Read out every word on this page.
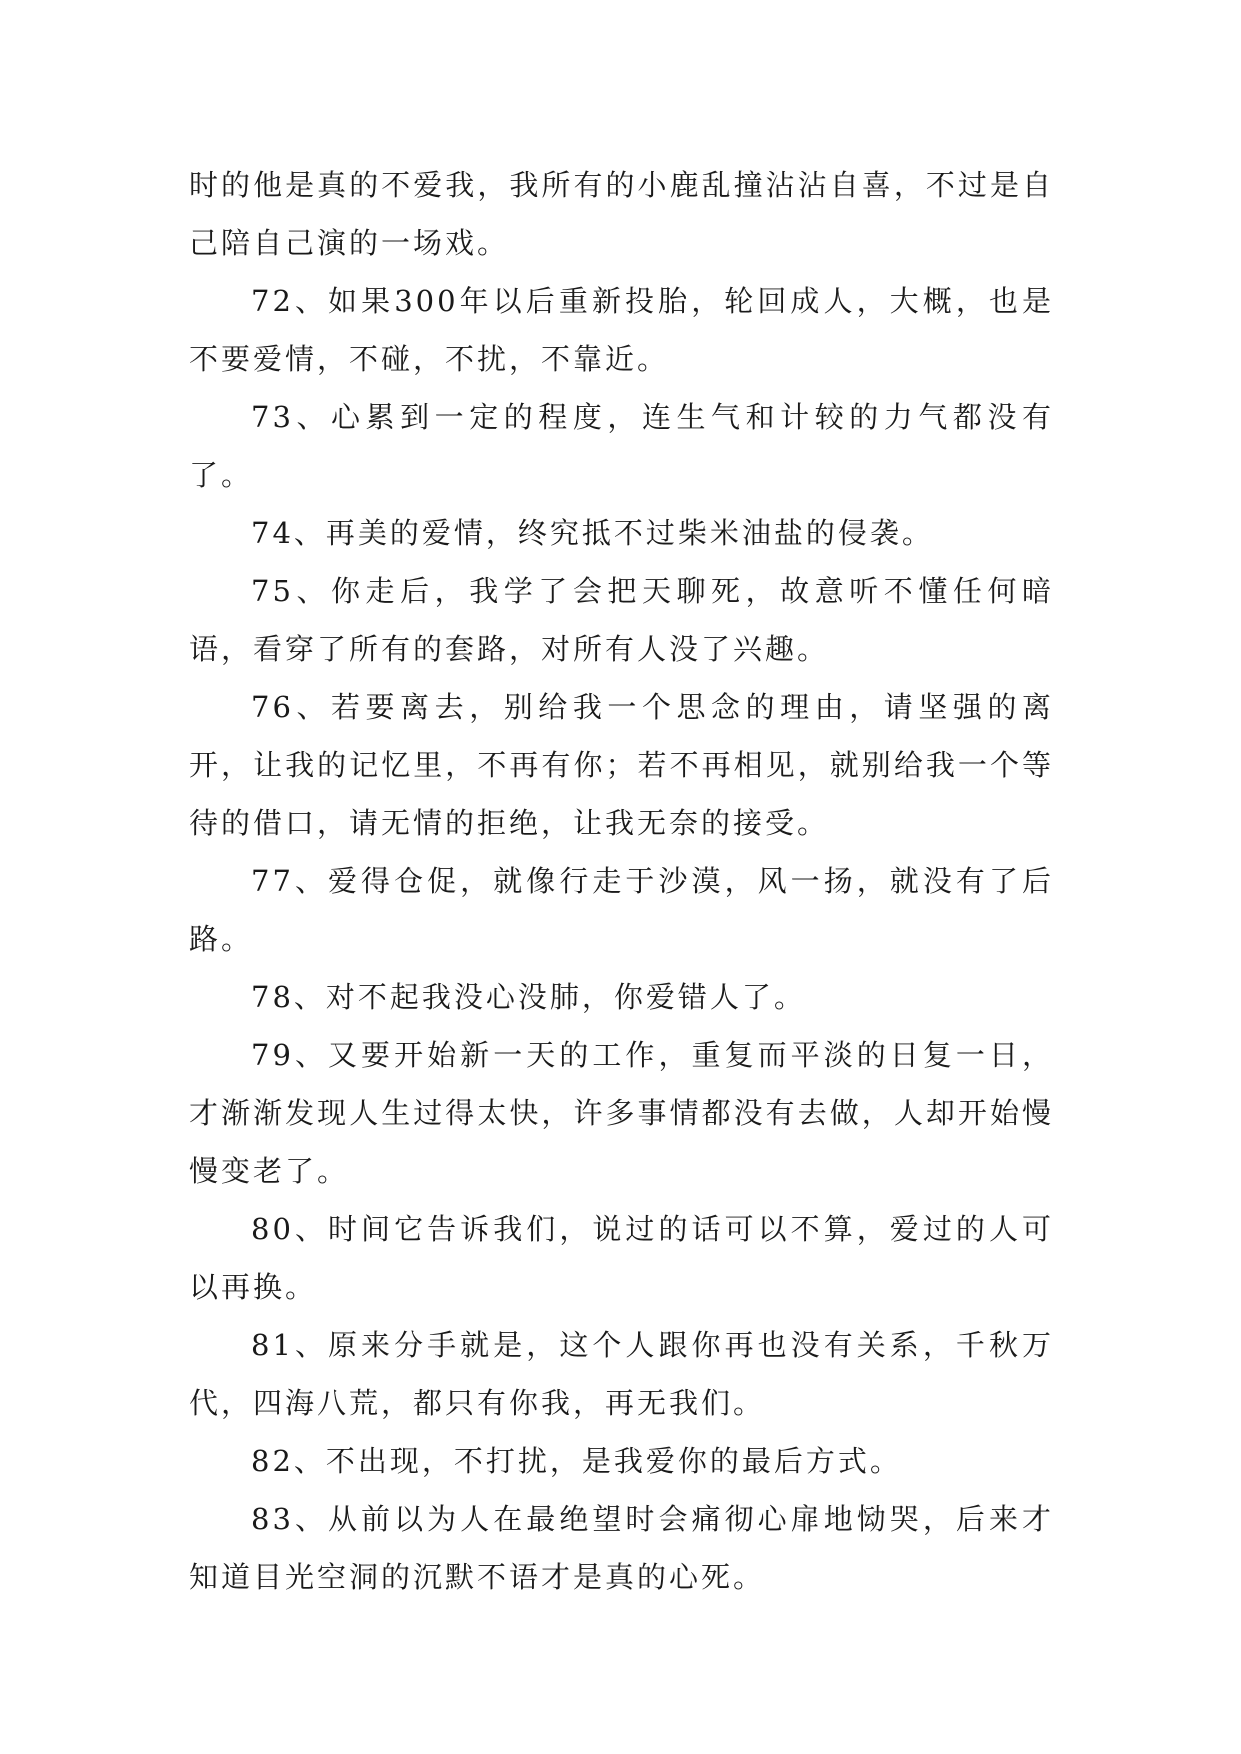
时的他是真的不爱我，我所有的小鹿乱撞沾沾自喜，不过是自己陪自己演的一场戏。

72、如果300年以后重新投胎，轮回成人，大概，也是不要爱情，不碰，不扰，不靠近。

73、心累到一定的程度，连生气和计较的力气都没有了。

74、再美的爱情，终究抵不过柴米油盐的侵袭。

75、你走后，我学了会把天聊死，故意听不懂任何暗语，看穿了所有的套路，对所有人没了兴趣。

76、若要离去，别给我一个思念的理由，请坚强的离开，让我的记忆里，不再有你；若不再相见，就别给我一个等待的借口，请无情的拒绝，让我无奈的接受。

77、爱得仓促，就像行走于沙漠，风一扬，就没有了后路。

78、对不起我没心没肺，你爱错人了。

79、又要开始新一天的工作，重复而平淡的日复一日，才渐渐发现人生过得太快，许多事情都没有去做，人却开始慢慢变老了。

80、时间它告诉我们，说过的话可以不算，爱过的人可以再换。

81、原来分手就是，这个人跟你再也没有关系，千秋万代，四海八荒，都只有你我，再无我们。

82、不出现，不打扰，是我爱你的最后方式。

83、从前以为人在最绝望时会痛彻心扉地恸哭，后来才知道目光空洞的沉默不语才是真的心死。
